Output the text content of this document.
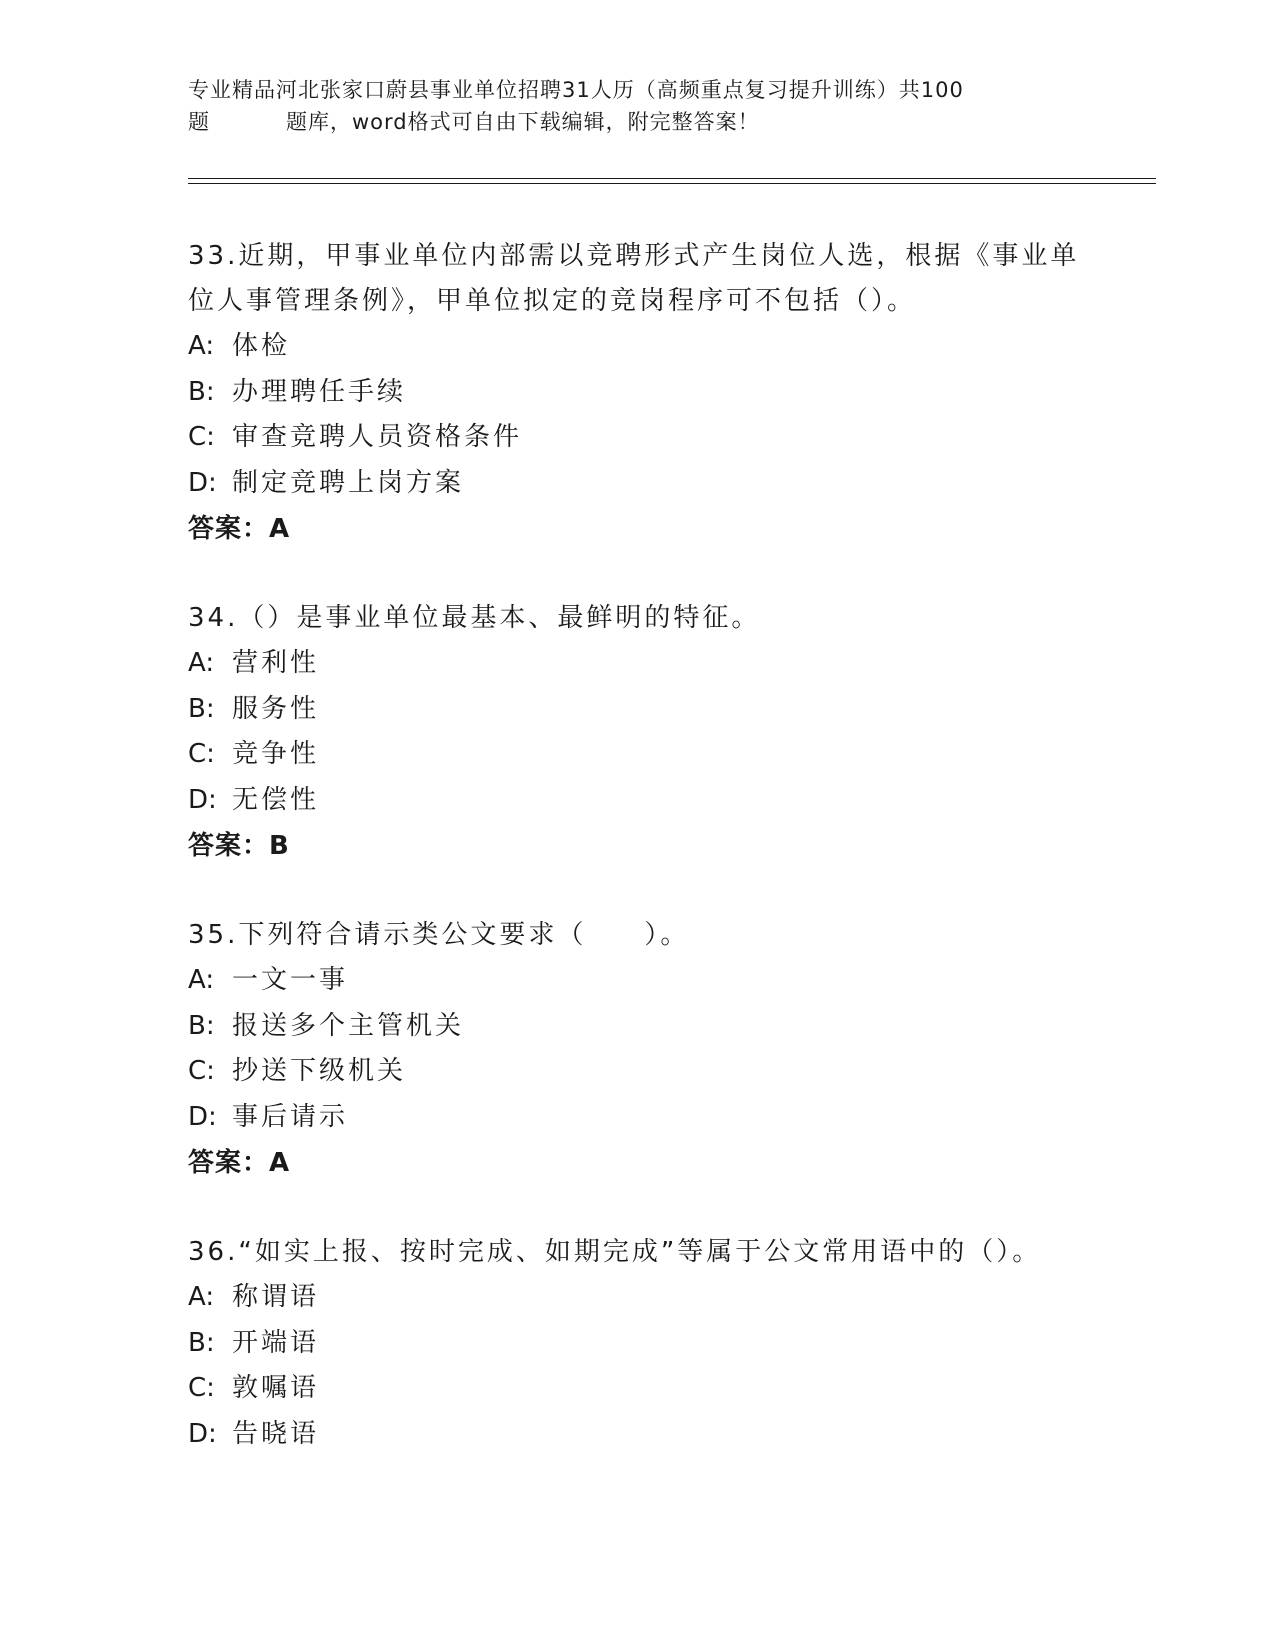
专业精品河北张家口蔚县事业单位招聘31人历（高频重点复习提升训练）共100
题	题库，word格式可自由下载编辑，附完整答案！
33.近期，甲事业单位内部需以竞聘形式产生岗位人选，根据《事业单
位人事管理条例》，甲单位拟定的竞岗程序可不包括（）。
A: 体检
B: 办理聘任手续
C: 审查竞聘人员资格条件
D: 制定竞聘上岗方案
答案：A
34.（）是事业单位最基本、最鲜明的特征。
A: 营利性
B: 服务性
C: 竞争性
D: 无偿性
答案：B
35.下列符合请示类公文要求（　　）。
A: 一文一事
B: 报送多个主管机关
C: 抄送下级机关
D: 事后请示
答案：A
36.“如实上报、按时完成、如期完成”等属于公文常用语中的（）。
A: 称谓语
B: 开端语
C: 敦嘱语
D: 告晓语
